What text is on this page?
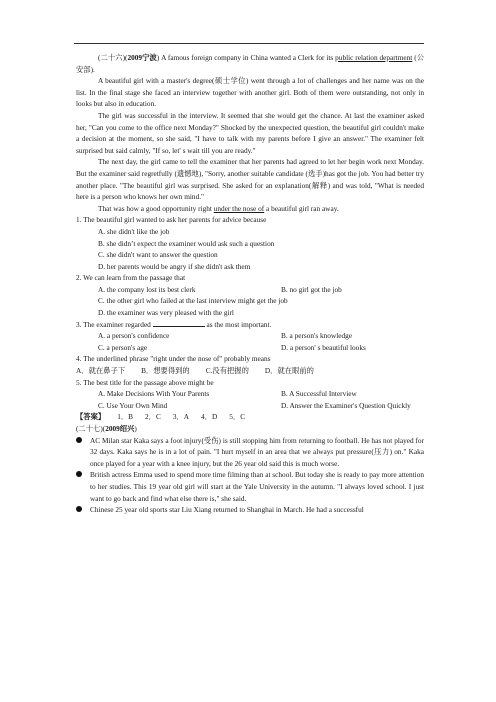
(二十六)(2009宁波) A famous foreign company in China wanted a Clerk for its public relation department (公安部).

A beautiful girl with a master's degree(硕士学位) went through a lot of challenges and her name was on the list. In the final stage she faced an interview together with another girl. Both of them were outstanding, not only in looks but also in education.

The girl was successful in the interview. It seemed that she would get the chance. At last the examiner asked her, "Can you come to the office next Monday?" Shocked by the unexpected question, the beautiful girl couldn't make a decision at the moment, so she said, "I have to talk with my parents before I give an answer." The examiner felt surprised but said calmly, "If so, let' s wait till you are ready."

The next day, the girl came to tell the examiner that her parents had agreed to let her begin work next Monday. But the examiner said regretfully (遗憾地), "Sorry, another suitable candidate (选手)has got the job. You had better try another place. "The beautiful girl was surprised. She asked for an explanation(解释) and was told, "What is needed here is a person who knows her own mind."

That was how a good opportunity right under the nose of a beautiful girl ran away.

1. The beautiful girl wanted to ask her parents for advice because

A. she didn't like the job

B. she didn’t expect the examiner would ask such a question

C. she didn't want to answer the question

D. her parents would be angry if she didn't ask them

2. We can learn from the passage that

A. the company lost its best clerk	B. no girl got the job

C. the other girl who failed at the last interview might get the job

D. the examiner was very pleased with the girl

3. The examiner regarded	as the most important.

A. a person's confidence	B. a person's knowledge
C. a person's age	D. a person' s beautiful looks

4. The underlined phrase "right under the nose of" probably means

A．就在鼻子下 B．想要得到的 C.没有把握的 D．就在眼前的

5. The best title for the passage above might be

A. Make Decisions With Your Parents	B. A Successful Interview
C. Use Your Own Mind	D. Answer the Examiner's Question Quickly

【答案】 1．B 2．C 3．A 4．D 5．C

(二十七)(2009绍兴)

AC Milan star Kaka says a foot injury(受伤) is still stopping him from returning to football. He has not played for 32 days. Kaka says he is in a lot of pain. "I hurt myself in an area that we always put pressure(压力) on." Kaka once played for a year with a knee injury, but the 26 year old said this is much worse.
British actress Emma used to spend more time filming than at school. But today she is ready to pay more attention to her studies. This 19 year old girl will start at the Yale University in the autumn. "I always loved school. I just want to go back and find what else there is," she said.
Chinese 25 year old sports star Liu Xiang returned to Shanghai in March. He had a successful
